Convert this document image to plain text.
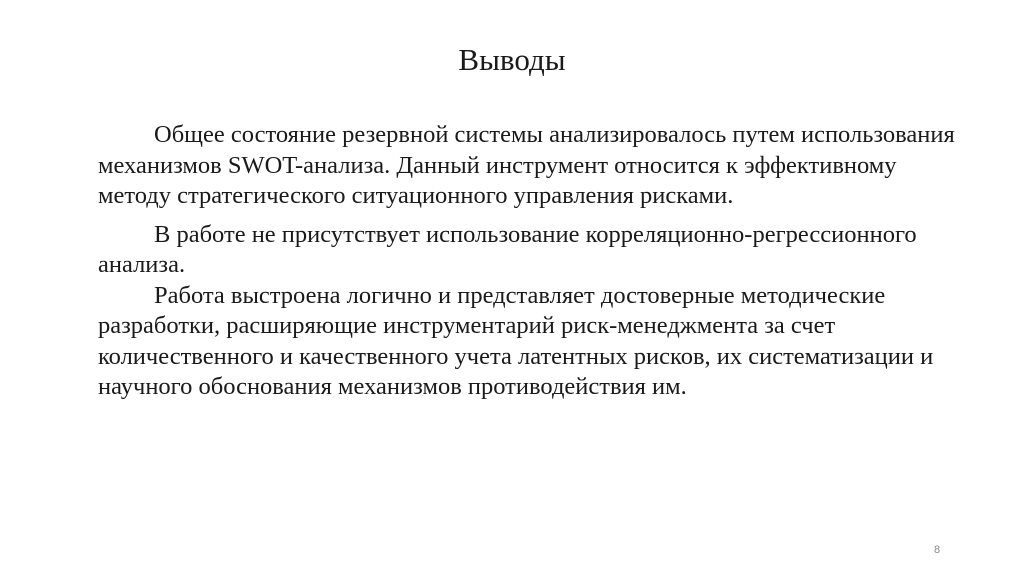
Выводы

Общее состояние резервной системы анализировалось путем использования механизмов SWOT-анализа. Данный инструмент относится к эффективному методу стратегического ситуационного управления рисками.

В работе не присутствует использование корреляционно-регрессионного анализа.

Работа выстроена логично и представляет достоверные методические разработки, расширяющие инструментарий риск-менеджмента за счет количественного и качественного учета латентных рисков, их систематизации и научного обоснования механизмов противодействия им.

8
